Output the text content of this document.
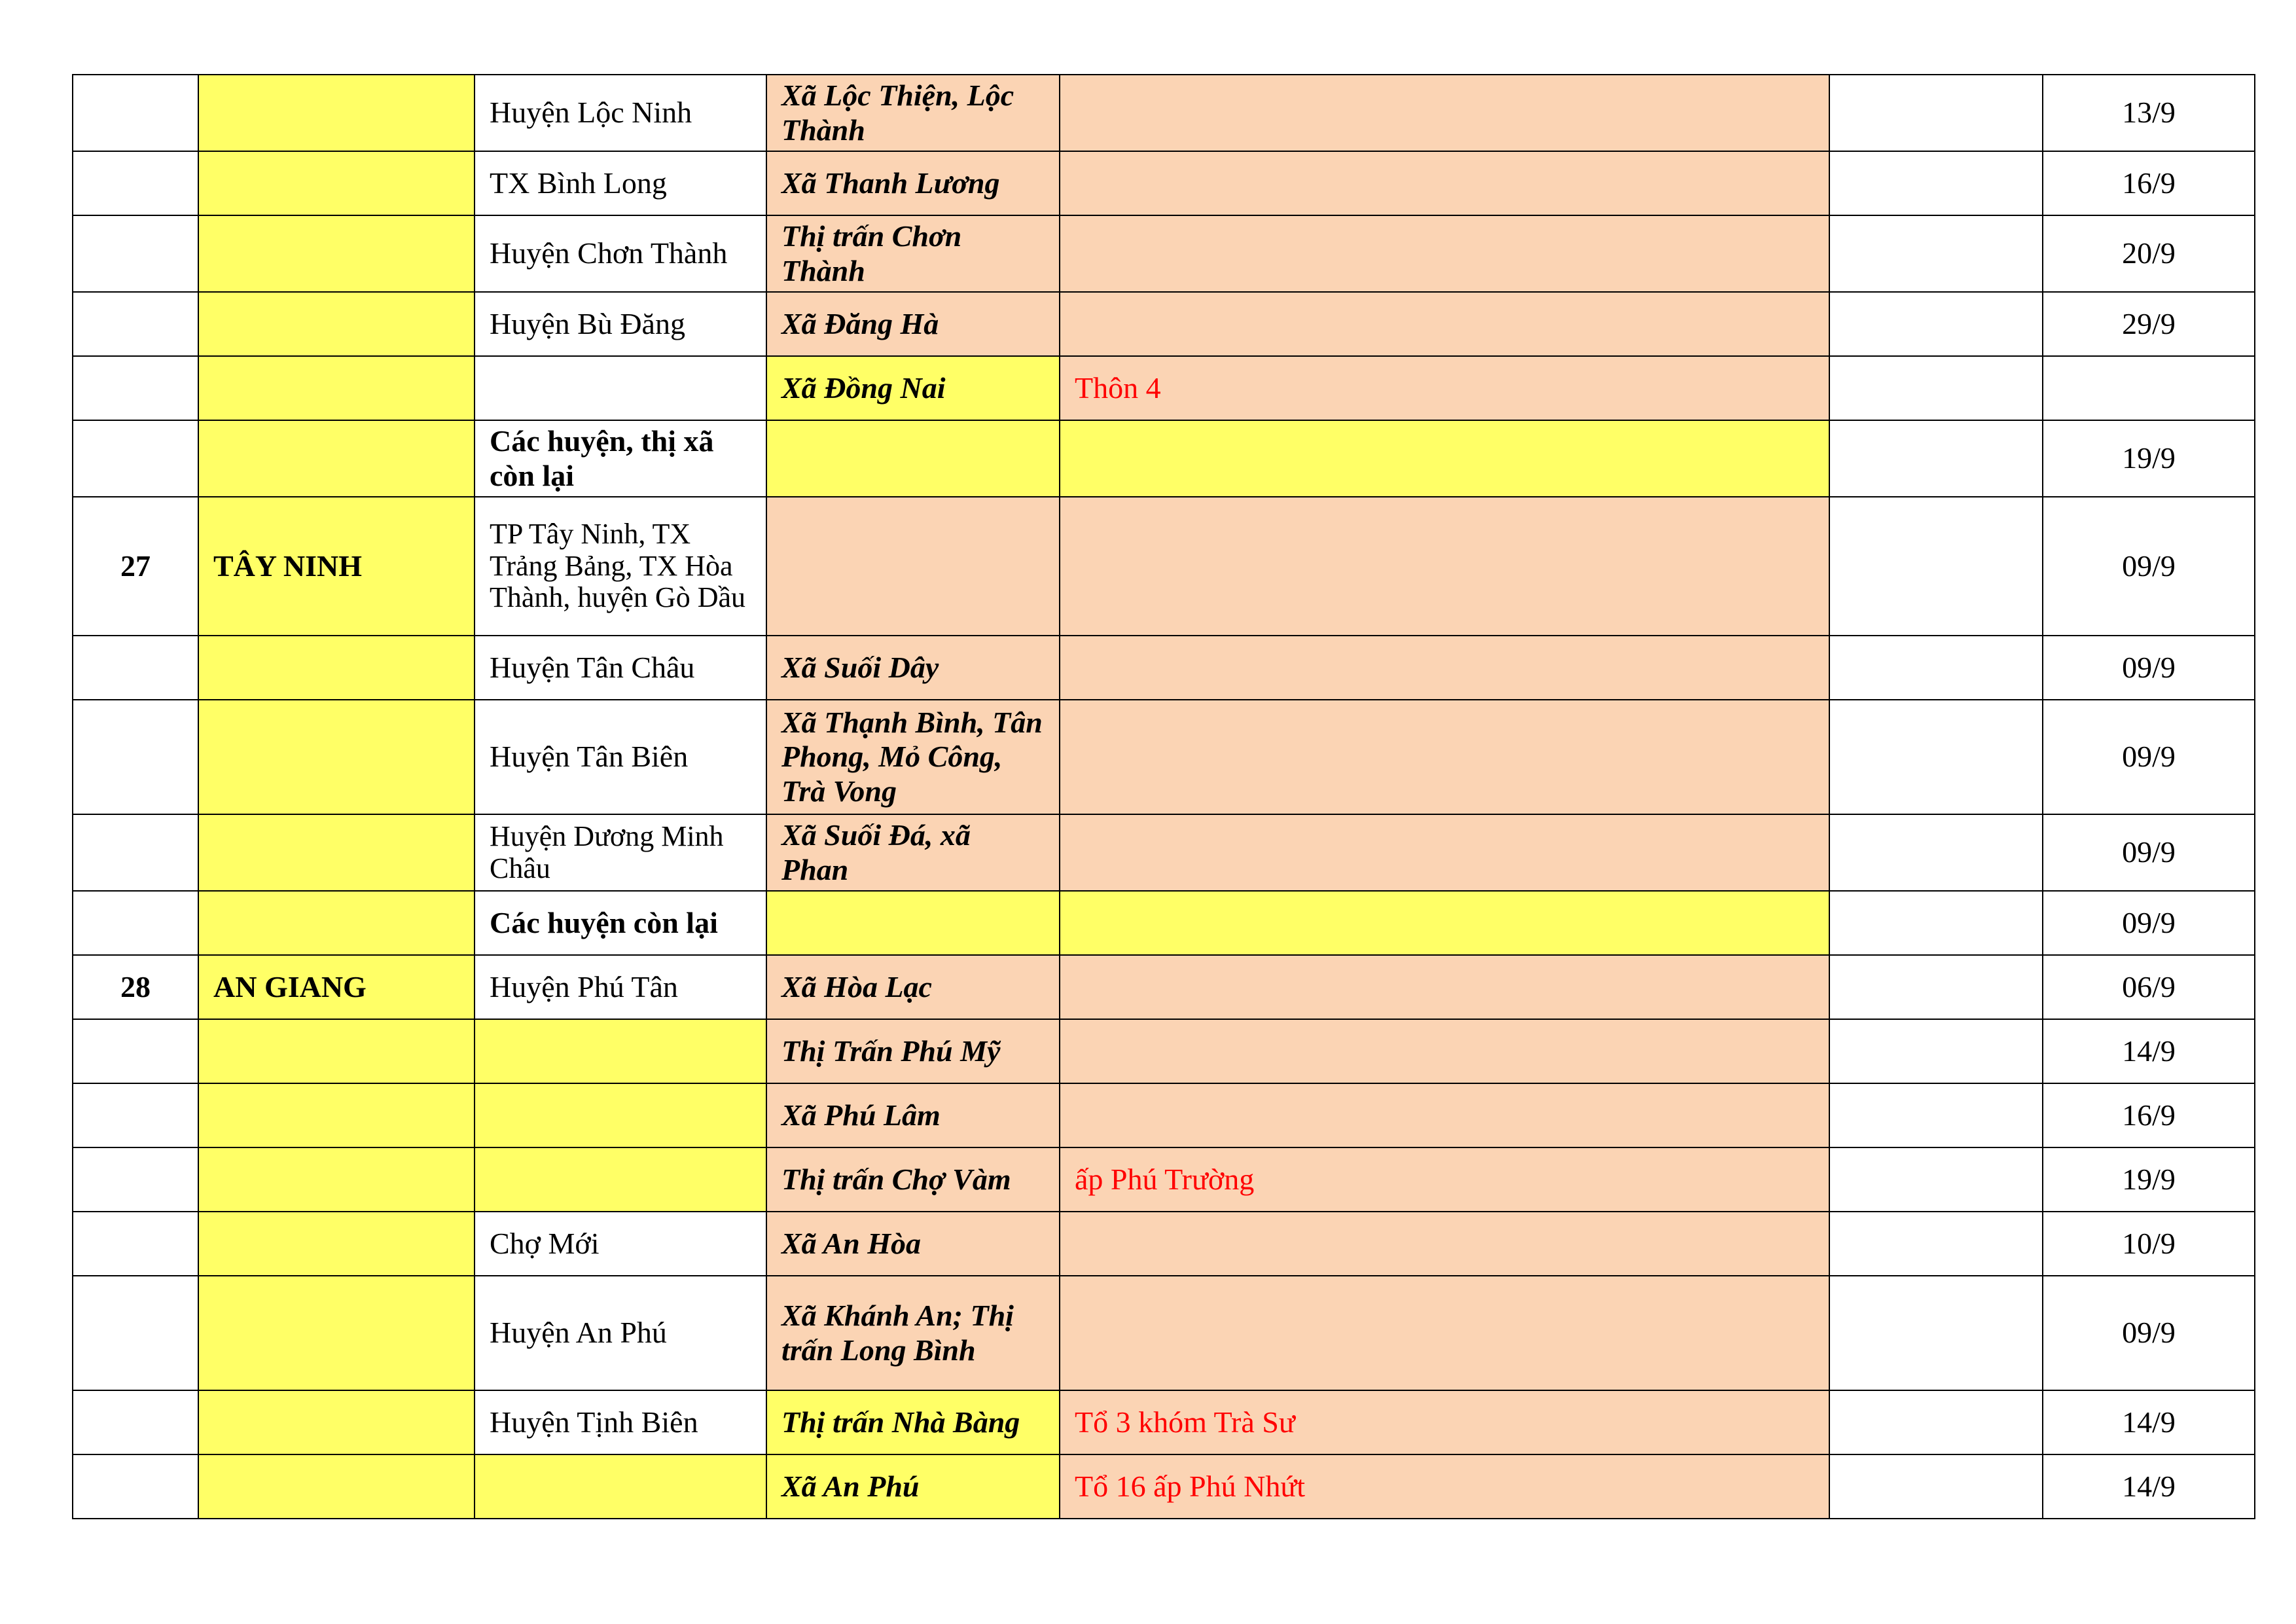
		Huyện Lộc Ninh	Xã Lộc Thiện, Lộc Thành			13/9
		TX Bình Long	Xã Thanh Lương			16/9
		Huyện Chơn Thành	Thị trấn Chơn Thành			20/9
		Huyện Bù Đăng	Xã Đăng Hà			29/9
			Xã Đồng Nai	Thôn 4		
		Các huyện, thị xã còn lại				19/9
27	TÂY NINH	TP Tây Ninh, TX Trảng Bảng, TX Hòa Thành, huyện Gò Dầu				09/9
		Huyện Tân Châu	Xã Suối Dây			09/9
		Huyện Tân Biên	Xã Thạnh Bình, Tân Phong, Mỏ Công, Trà Vong			09/9
		Huyện Dương Minh Châu	Xã Suối Đá, xã Phan			09/9
		Các huyện còn lại				09/9
28	AN GIANG	Huyện Phú Tân	Xã Hòa Lạc			06/9
			Thị Trấn Phú Mỹ			14/9
			Xã Phú Lâm			16/9
			Thị trấn Chợ Vàm	ấp Phú Trường		19/9
		Chợ Mới	Xã An Hòa			10/9
		Huyện An Phú	Xã Khánh An; Thị trấn Long Bình			09/9
		Huyện Tịnh Biên	Thị trấn Nhà Bàng	Tổ 3 khóm Trà Sư		14/9
			Xã An Phú	Tổ 16 ấp Phú Nhứt		14/9
